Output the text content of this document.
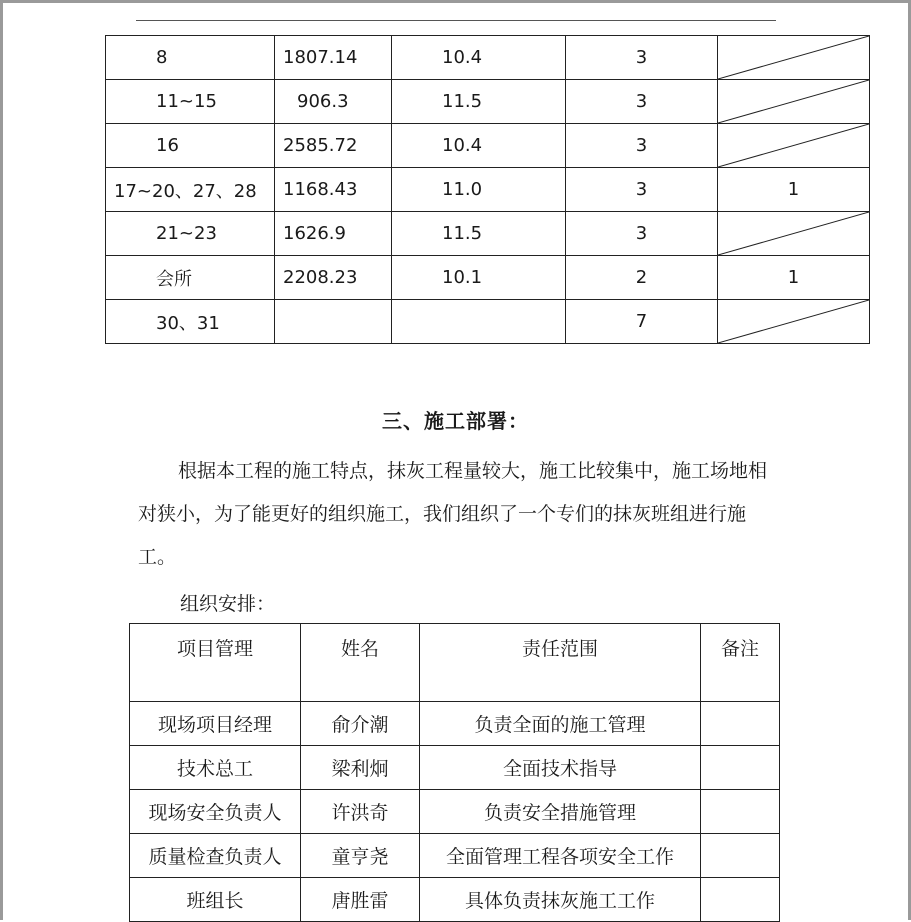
8	1807.14	10.4	3	

11~15	906.3	11.5	3	

16	2585.72	10.4	3	

17~20、27、28	1168.43	11.0	3	1
21~23	1626.9	11.5	3	

会所	2208.23	10.1	2	1
30、31			7	
三、施工部署：
根据本工程的施工特点，抹灰工程量较大，施工比较集中，施工场地相对狭小，为了能更好的组织施工，我们组织了一个专们的抹灰班组进行施工。
组织安排：
项目管理	姓名	责任范围	备注
现场项目经理	俞介潮	负责全面的施工管理	
技术总工	梁利炯	全面技术指导	
现场安全负责人	许洪奇	负责安全措施管理	
质量检查负责人	童亨尧	全面管理工程各项安全工作	
班组长	唐胜雷	具体负责抹灰施工工作	
